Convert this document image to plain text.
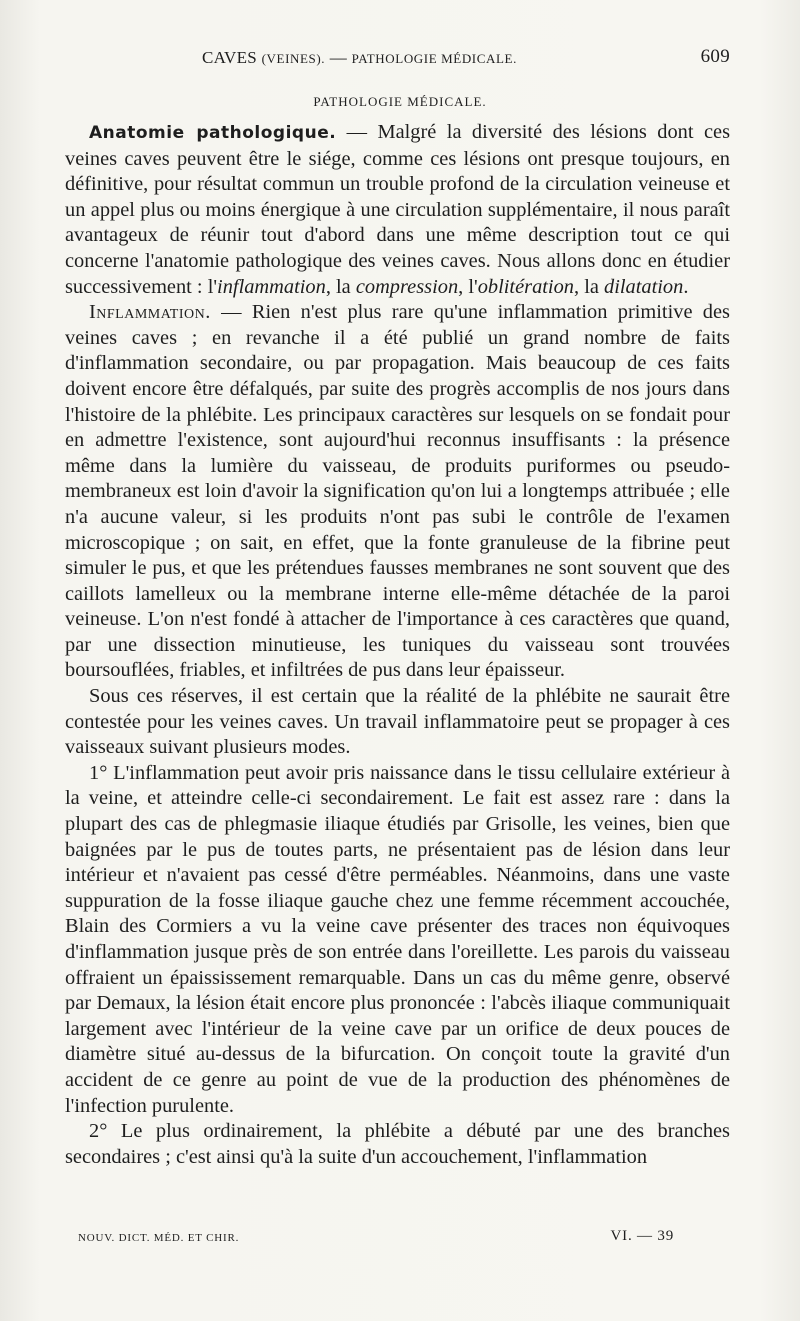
CAVES (VEINES). — PATHOLOGIE MÉDICALE.	609
PATHOLOGIE MÉDICALE.

Anatomie pathologique. — Malgré la diversité des lésions dont ces veines caves peuvent être le siége, comme ces lésions ont presque toujours, en définitive, pour résultat commun un trouble profond de la circulation veineuse et un appel plus ou moins énergique à une circulation supplémentaire, il nous paraît avantageux de réunir tout d'abord dans une même description tout ce qui concerne l'anatomie pathologique des veines caves. Nous allons donc en étudier successivement : l'inflammation, la compression, l'oblitération, la dilatation.

Inflammation. — Rien n'est plus rare qu'une inflammation primitive des veines caves ; en revanche il a été publié un grand nombre de faits d'inflammation secondaire, ou par propagation. Mais beaucoup de ces faits doivent encore être défalqués, par suite des progrès accomplis de nos jours dans l'histoire de la phlébite. Les principaux caractères sur lesquels on se fondait pour en admettre l'existence, sont aujourd'hui reconnus insuffisants : la présence même dans la lumière du vaisseau, de produits puriformes ou pseudo-membraneux est loin d'avoir la signification qu'on lui a longtemps attribuée ; elle n'a aucune valeur, si les produits n'ont pas subi le contrôle de l'examen microscopique ; on sait, en effet, que la fonte granuleuse de la fibrine peut simuler le pus, et que les prétendues fausses membranes ne sont souvent que des caillots lamelleux ou la membrane interne elle-même détachée de la paroi veineuse. L'on n'est fondé à attacher de l'importance à ces caractères que quand, par une dissection minutieuse, les tuniques du vaisseau sont trouvées boursouflées, friables, et infiltrées de pus dans leur épaisseur.

Sous ces réserves, il est certain que la réalité de la phlébite ne saurait être contestée pour les veines caves. Un travail inflammatoire peut se propager à ces vaisseaux suivant plusieurs modes.

1° L'inflammation peut avoir pris naissance dans le tissu cellulaire extérieur à la veine, et atteindre celle-ci secondairement. Le fait est assez rare : dans la plupart des cas de phlegmasie iliaque étudiés par Grisolle, les veines, bien que baignées par le pus de toutes parts, ne présentaient pas de lésion dans leur intérieur et n'avaient pas cessé d'être perméables. Néanmoins, dans une vaste suppuration de la fosse iliaque gauche chez une femme récemment accouchée, Blain des Cormiers a vu la veine cave présenter des traces non équivoques d'inflammation jusque près de son entrée dans l'oreillette. Les parois du vaisseau offraient un épaississement remarquable. Dans un cas du même genre, observé par Demaux, la lésion était encore plus prononcée : l'abcès iliaque communiquait largement avec l'intérieur de la veine cave par un orifice de deux pouces de diamètre situé au-dessus de la bifurcation. On conçoit toute la gravité d'un accident de ce genre au point de vue de la production des phénomènes de l'infection purulente.

2° Le plus ordinairement, la phlébite a débuté par une des branches secondaires ; c'est ainsi qu'à la suite d'un accouchement, l'inflammation

NOUV. DICT. MÉD. ET CHIR.	VI. — 39
